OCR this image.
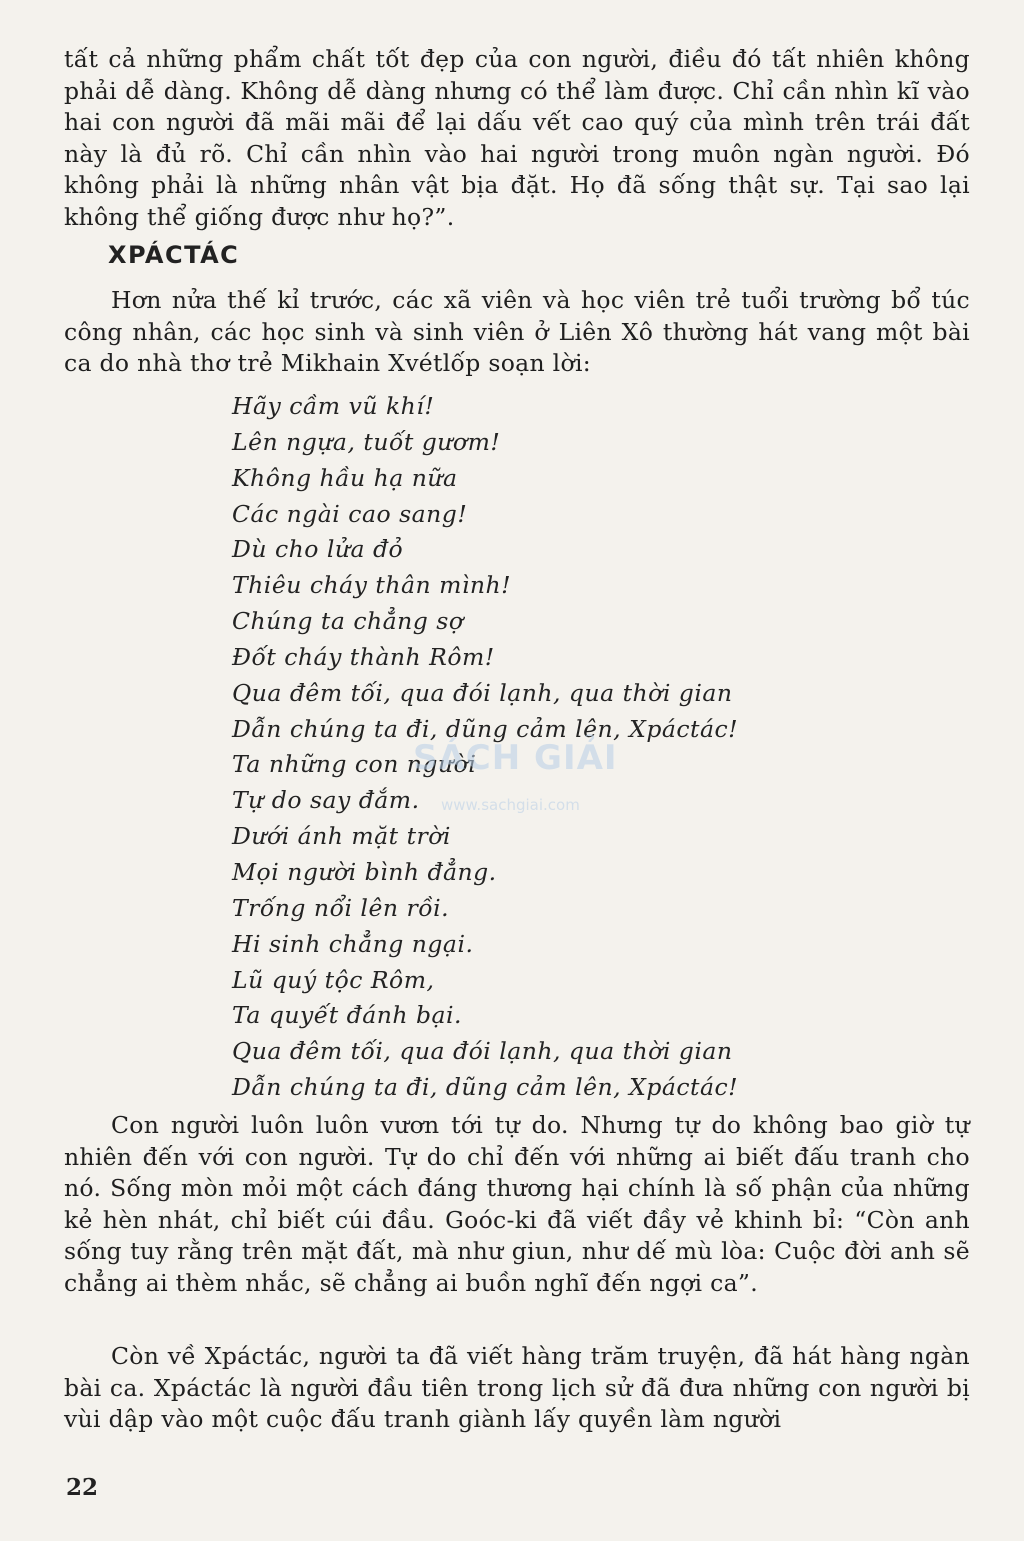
tất cả những phẩm chất tốt đẹp của con người, điều đó tất nhiên không phải dễ dàng. Không dễ dàng nhưng có thể làm được. Chỉ cần nhìn kĩ vào hai con người đã mãi mãi để lại dấu vết cao quý của mình trên trái đất này là đủ rõ. Chỉ cần nhìn vào hai người trong muôn ngàn người. Đó không phải là những nhân vật bịa đặt. Họ đã sống thật sự. Tại sao lại không thể giống được như họ?”.
XPÁCTÁC
Hơn nửa thế kỉ trước, các xã viên và học viên trẻ tuổi trường bổ túc công nhân, các học sinh và sinh viên ở Liên Xô thường hát vang một bài ca do nhà thơ trẻ Mikhain Xvétlốp soạn lời:
Hãy cầm vũ khí!
Lên ngựa, tuốt gươm!
Không hầu hạ nữa
Các ngài cao sang!
Dù cho lửa đỏ
Thiêu cháy thân mình!
Chúng ta chẳng sợ
Đốt cháy thành Rôm!
Qua đêm tối, qua đói lạnh, qua thời gian
Dẫn chúng ta đi, dũng cảm lên, Xpáctác!
Ta những con người
Tự do say đắm.
Dưới ánh mặt trời
Mọi người bình đẳng.
Trống nổi lên rồi.
Hi sinh chẳng ngại.
Lũ quý tộc Rôm,
Ta quyết đánh bại.
Qua đêm tối, qua đói lạnh, qua thời gian
Dẫn chúng ta đi, dũng cảm lên, Xpáctác!
Con người luôn luôn vươn tới tự do. Nhưng tự do không bao giờ tự nhiên đến với con người. Tự do chỉ đến với những ai biết đấu tranh cho nó. Sống mòn mỏi một cách đáng thương hại chính là số phận của những kẻ hèn nhát, chỉ biết cúi đầu. Goóc-ki đã viết đầy vẻ khinh bỉ: “Còn anh sống tuy rằng trên mặt đất, mà như giun, như dế mù lòa: Cuộc đời anh sẽ chẳng ai thèm nhắc, sẽ chẳng ai buồn nghĩ đến ngợi ca”.
Còn về Xpáctác, người ta đã viết hàng trăm truyện, đã hát hàng ngàn bài ca. Xpáctác là người đầu tiên trong lịch sử đã đưa những con người bị vùi dập vào một cuộc đấu tranh giành lấy quyền làm người
22
SÁCH GIẢI
www.sachgiai.com
